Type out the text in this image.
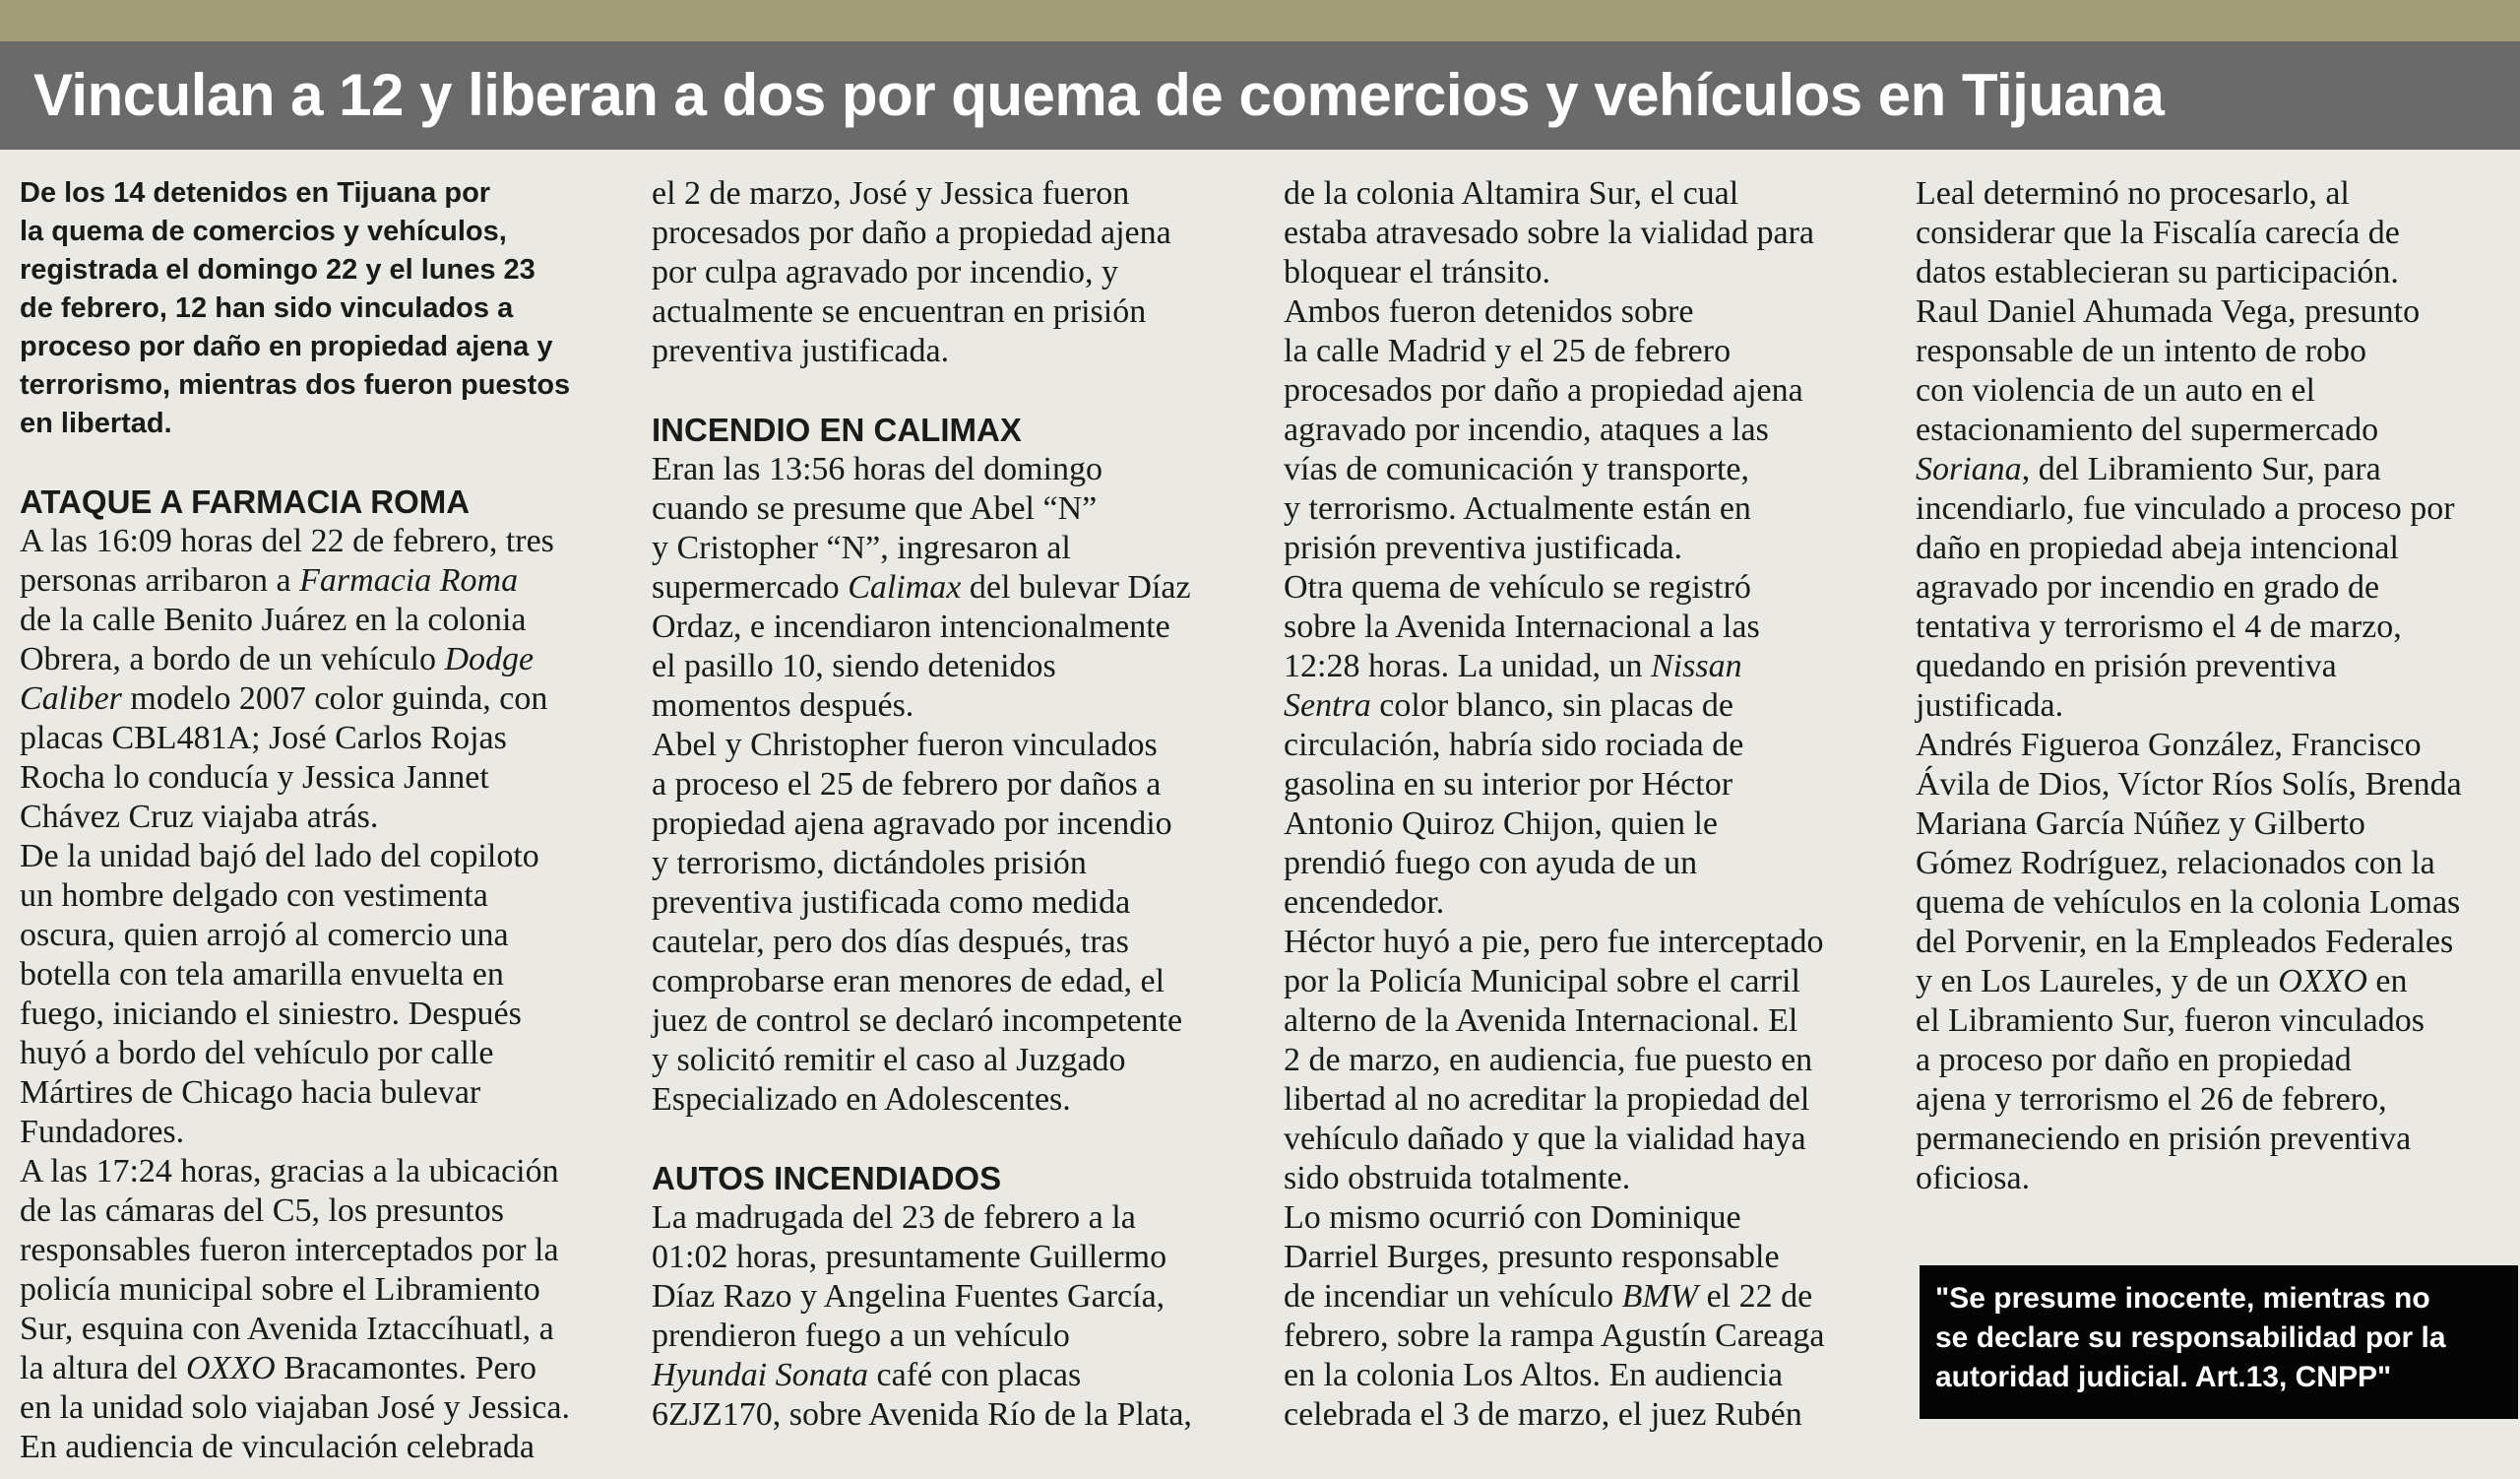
Vinculan a 12 y liberan a dos por quema de comercios y vehículos en Tijuana
De los 14 detenidos en Tijuana por
la quema de comercios y vehículos,
registrada el domingo 22 y el lunes 23
de febrero, 12 han sido vinculados a
proceso por daño en propiedad ajena y
terrorismo, mientras dos fueron puestos
en libertad.
ATAQUE A FARMACIA ROMA
A las 16:09 horas del 22 de febrero, tres
personas arribaron a Farmacia Roma
de la calle Benito Juárez en la colonia
Obrera, a bordo de un vehículo Dodge
Caliber modelo 2007 color guinda, con
placas CBL481A; José Carlos Rojas
Rocha lo conducía y Jessica Jannet
Chávez Cruz viajaba atrás.
De la unidad bajó del lado del copiloto
un hombre delgado con vestimenta
oscura, quien arrojó al comercio una
botella con tela amarilla envuelta en
fuego, iniciando el siniestro. Después
huyó a bordo del vehículo por calle
Mártires de Chicago hacia bulevar
Fundadores.
A las 17:24 horas, gracias a la ubicación
de las cámaras del C5, los presuntos
responsables fueron interceptados por la
policía municipal sobre el Libramiento
Sur, esquina con Avenida Iztaccíhuatl, a
la altura del OXXO Bracamontes. Pero
en la unidad solo viajaban José y Jessica.
En audiencia de vinculación celebrada
el 2 de marzo, José y Jessica fueron
procesados por daño a propiedad ajena
por culpa agravado por incendio, y
actualmente se encuentran en prisión
preventiva justificada.
INCENDIO EN CALIMAX
Eran las 13:56 horas del domingo
cuando se presume que Abel “N”
y Cristopher “N”, ingresaron al
supermercado Calimax del bulevar Díaz
Ordaz, e incendiaron intencionalmente
el pasillo 10, siendo detenidos
momentos después.
Abel y Christopher fueron vinculados
a proceso el 25 de febrero por daños a
propiedad ajena agravado por incendio
y terrorismo, dictándoles prisión
preventiva justificada como medida
cautelar, pero dos días después, tras
comprobarse eran menores de edad, el
juez de control se declaró incompetente
y solicitó remitir el caso al Juzgado
Especializado en Adolescentes.
AUTOS INCENDIADOS
La madrugada del 23 de febrero a la
01:02 horas, presuntamente Guillermo
Díaz Razo y Angelina Fuentes García,
prendieron fuego a un vehículo
Hyundai Sonata café con placas
6ZJZ170, sobre Avenida Río de la Plata,
de la colonia Altamira Sur, el cual
estaba atravesado sobre la vialidad para
bloquear el tránsito.
Ambos fueron detenidos sobre
la calle Madrid y el 25 de febrero
procesados por daño a propiedad ajena
agravado por incendio, ataques a las
vías de comunicación y transporte,
y terrorismo. Actualmente están en
prisión preventiva justificada.
Otra quema de vehículo se registró
sobre la Avenida Internacional a las
12:28 horas. La unidad, un Nissan
Sentra color blanco, sin placas de
circulación, habría sido rociada de
gasolina en su interior por Héctor
Antonio Quiroz Chijon, quien le
prendió fuego con ayuda de un
encendedor.
Héctor huyó a pie, pero fue interceptado
por la Policía Municipal sobre el carril
alterno de la Avenida Internacional. El
2 de marzo, en audiencia, fue puesto en
libertad al no acreditar la propiedad del
vehículo dañado y que la vialidad haya
sido obstruida totalmente.
Lo mismo ocurrió con Dominique
Darriel Burges, presunto responsable
de incendiar un vehículo BMW el 22 de
febrero, sobre la rampa Agustín Careaga
en la colonia Los Altos. En audiencia
celebrada el 3 de marzo, el juez Rubén
Leal determinó no procesarlo, al
considerar que la Fiscalía carecía de
datos establecieran su participación.
Raul Daniel Ahumada Vega, presunto
responsable de un intento de robo
con violencia de un auto en el
estacionamiento del supermercado
Soriana, del Libramiento Sur, para
incendiarlo, fue vinculado a proceso por
daño en propiedad abeja intencional
agravado por incendio en grado de
tentativa y terrorismo el 4 de marzo,
quedando en prisión preventiva
justificada.
Andrés Figueroa González, Francisco
Ávila de Dios, Víctor Ríos Solís, Brenda
Mariana García Núñez y Gilberto
Gómez Rodríguez, relacionados con la
quema de vehículos en la colonia Lomas
del Porvenir, en la Empleados Federales
y en Los Laureles, y de un OXXO en
el Libramiento Sur, fueron vinculados
a proceso por daño en propiedad
ajena y terrorismo el 26 de febrero,
permaneciendo en prisión preventiva
oficiosa.
"Se presume inocente, mientras no
se declare su responsabilidad por la
autoridad judicial. Art.13, CNPP"
